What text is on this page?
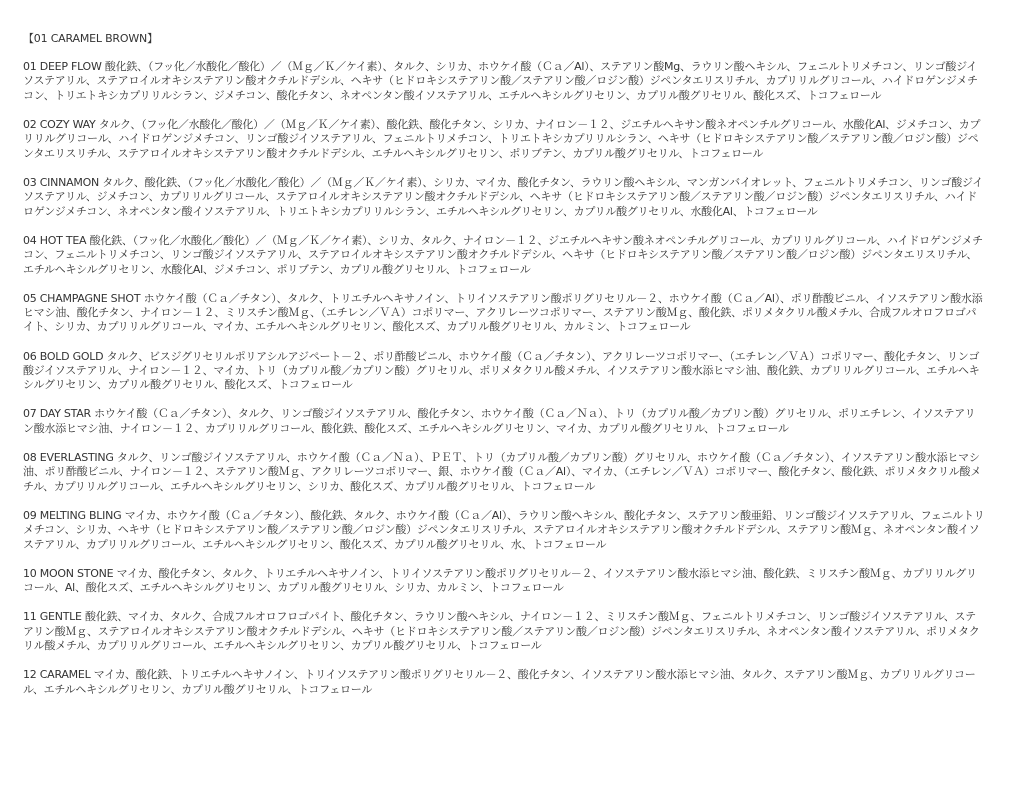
【01 CARAMEL BROWN】
01 DEEP FLOW 酸化鉄、（フッ化／水酸化／酸化）／（Ｍｇ／Ｋ／ケイ素）、タルク、シリカ、ホウケイ酸（Ｃａ／Al）、ステアリン酸Mg、ラウリン酸ヘキシル、フェニルトリメチコン、リンゴ酸ジイソステアリル、ステアロイルオキシステアリン酸オクチルドデシル、ヘキサ（ヒドロキシステアリン酸／ステアリン酸／ロジン酸）ジペンタエリスリチル、カプリリルグリコール、ハイドロゲンジメチコン、トリエトキシカプリリルシラン、ジメチコン、酸化チタン、ネオペンタン酸イソステアリル、エチルヘキシルグリセリン、カプリル酸グリセリル、酸化スズ、トコフェロール
02 COZY WAY タルク、（フッ化／水酸化／酸化）／（Ｍｇ／Ｋ／ケイ素）、酸化鉄、酸化チタン、シリカ、ナイロン－１２、ジエチルヘキサン酸ネオペンチルグリコール、水酸化Al、ジメチコン、カプリリルグリコール、ハイドロゲンジメチコン、リンゴ酸ジイソステアリル、フェニルトリメチコン、トリエトキシカプリリルシラン、ヘキサ（ヒドロキシステアリン酸／ステアリン酸／ロジン酸）ジペンタエリスリチル、ステアロイルオキシステアリン酸オクチルドデシル、エチルヘキシルグリセリン、ポリブテン、カプリル酸グリセリル、トコフェロール
03 CINNAMON タルク、酸化鉄、（フッ化／水酸化／酸化）／（Ｍｇ／Ｋ／ケイ素）、シリカ、マイカ、酸化チタン、ラウリン酸ヘキシル、マンガンバイオレット、フェニルトリメチコン、リンゴ酸ジイソステアリル、ジメチコン、カプリリルグリコール、ステアロイルオキシステアリン酸オクチルドデシル、ヘキサ（ヒドロキシステアリン酸／ステアリン酸／ロジン酸）ジペンタエリスリチル、ハイドロゲンジメチコン、ネオペンタン酸イソステアリル、トリエトキシカプリリルシラン、エチルヘキシルグリセリン、カプリル酸グリセリル、水酸化Al、トコフェロール
04 HOT TEA 酸化鉄、（フッ化／水酸化／酸化）／（Ｍｇ／Ｋ／ケイ素）、シリカ、タルク、ナイロン－１２、ジエチルヘキサン酸ネオペンチルグリコール、カプリリルグリコール、ハイドロゲンジメチコン、フェニルトリメチコン、リンゴ酸ジイソステアリル、ステアロイルオキシステアリン酸オクチルドデシル、ヘキサ（ヒドロキシステアリン酸／ステアリン酸／ロジン酸）ジペンタエリスリチル、エチルヘキシルグリセリン、水酸化Al、ジメチコン、ポリブテン、カプリル酸グリセリル、トコフェロール
05 CHAMPAGNE SHOT ホウケイ酸（Ｃａ／チタン）、タルク、トリエチルヘキサノイン、トリイソステアリン酸ポリグリセリル－２、ホウケイ酸（Ｃａ／Al）、ポリ酢酸ビニル、イソステアリン酸水添ヒマシ油、酸化チタン、ナイロン－１２、ミリスチン酸Ｍｇ、（エチレン／ＶＡ）コポリマー、アクリレーツコポリマー、ステアリン酸Ｍｇ、酸化鉄、ポリメタクリル酸メチル、合成フルオロフロゴパイト、シリカ、カプリリルグリコール、マイカ、エチルヘキシルグリセリン、酸化スズ、カプリル酸グリセリル、カルミン、トコフェロール
06 BOLD GOLD タルク、ビスジグリセリルポリアシルアジペート－２、ポリ酢酸ビニル、ホウケイ酸（Ｃａ／チタン）、アクリレーツコポリマー、（エチレン／ＶＡ）コポリマー、酸化チタン、リンゴ酸ジイソステアリル、ナイロン－１２、マイカ、トリ（カプリル酸／カプリン酸）グリセリル、ポリメタクリル酸メチル、イソステアリン酸水添ヒマシ油、酸化鉄、カプリリルグリコール、エチルヘキシルグリセリン、カプリル酸グリセリル、酸化スズ、トコフェロール
07 DAY STAR ホウケイ酸（Ｃａ／チタン）、タルク、リンゴ酸ジイソステアリル、酸化チタン、ホウケイ酸（Ｃａ／Ｎａ）、トリ（カプリル酸／カプリン酸）グリセリル、ポリエチレン、イソステアリン酸水添ヒマシ油、ナイロン－１２、カプリリルグリコール、酸化鉄、酸化スズ、エチルヘキシルグリセリン、マイカ、カプリル酸グリセリル、トコフェロール
08 EVERLASTING タルク、リンゴ酸ジイソステアリル、ホウケイ酸（Ｃａ／Ｎａ）、ＰＥＴ、トリ（カプリル酸／カプリン酸）グリセリル、ホウケイ酸（Ｃａ／チタン）、イソステアリン酸水添ヒマシ油、ポリ酢酸ビニル、ナイロン－１２、ステアリン酸Ｍｇ、アクリレーツコポリマー、銀、ホウケイ酸（Ｃａ／Al）、マイカ、（エチレン／ＶＡ）コポリマー、酸化チタン、酸化鉄、ポリメタクリル酸メチル、カプリリルグリコール、エチルヘキシルグリセリン、シリカ、酸化スズ、カプリル酸グリセリル、トコフェロール
09 MELTING BLING マイカ、ホウケイ酸（Ｃａ／チタン）、酸化鉄、タルク、ホウケイ酸（Ｃａ／Al）、ラウリン酸ヘキシル、酸化チタン、ステアリン酸亜鉛、リンゴ酸ジイソステアリル、フェニルトリメチコン、シリカ、ヘキサ（ヒドロキシステアリン酸／ステアリン酸／ロジン酸）ジペンタエリスリチル、ステアロイルオキシステアリン酸オクチルドデシル、ステアリン酸Ｍｇ、ネオペンタン酸イソステアリル、カプリリルグリコール、エチルヘキシルグリセリン、酸化スズ、カプリル酸グリセリル、水、トコフェロール
10 MOON STONE マイカ、酸化チタン、タルク、トリエチルヘキサノイン、トリイソステアリン酸ポリグリセリル－２、イソステアリン酸水添ヒマシ油、酸化鉄、ミリスチン酸Ｍｇ、カプリリルグリコール、Al、酸化スズ、エチルヘキシルグリセリン、カプリル酸グリセリル、シリカ、カルミン、トコフェロール
11 GENTLE 酸化鉄、マイカ、タルク、合成フルオロフロゴパイト、酸化チタン、ラウリン酸ヘキシル、ナイロン－１２、ミリスチン酸Ｍｇ、フェニルトリメチコン、リンゴ酸ジイソステアリル、ステアリン酸Ｍｇ、ステアロイルオキシステアリン酸オクチルドデシル、ヘキサ（ヒドロキシステアリン酸／ステアリン酸／ロジン酸）ジペンタエリスリチル、ネオペンタン酸イソステアリル、ポリメタクリル酸メチル、カプリリルグリコール、エチルヘキシルグリセリン、カプリル酸グリセリル、トコフェロール
12 CARAMEL マイカ、酸化鉄、トリエチルヘキサノイン、トリイソステアリン酸ポリグリセリル－２、酸化チタン、イソステアリン酸水添ヒマシ油、タルク、ステアリン酸Ｍｇ、カプリリルグリコール、エチルヘキシルグリセリン、カプリル酸グリセリル、トコフェロール
